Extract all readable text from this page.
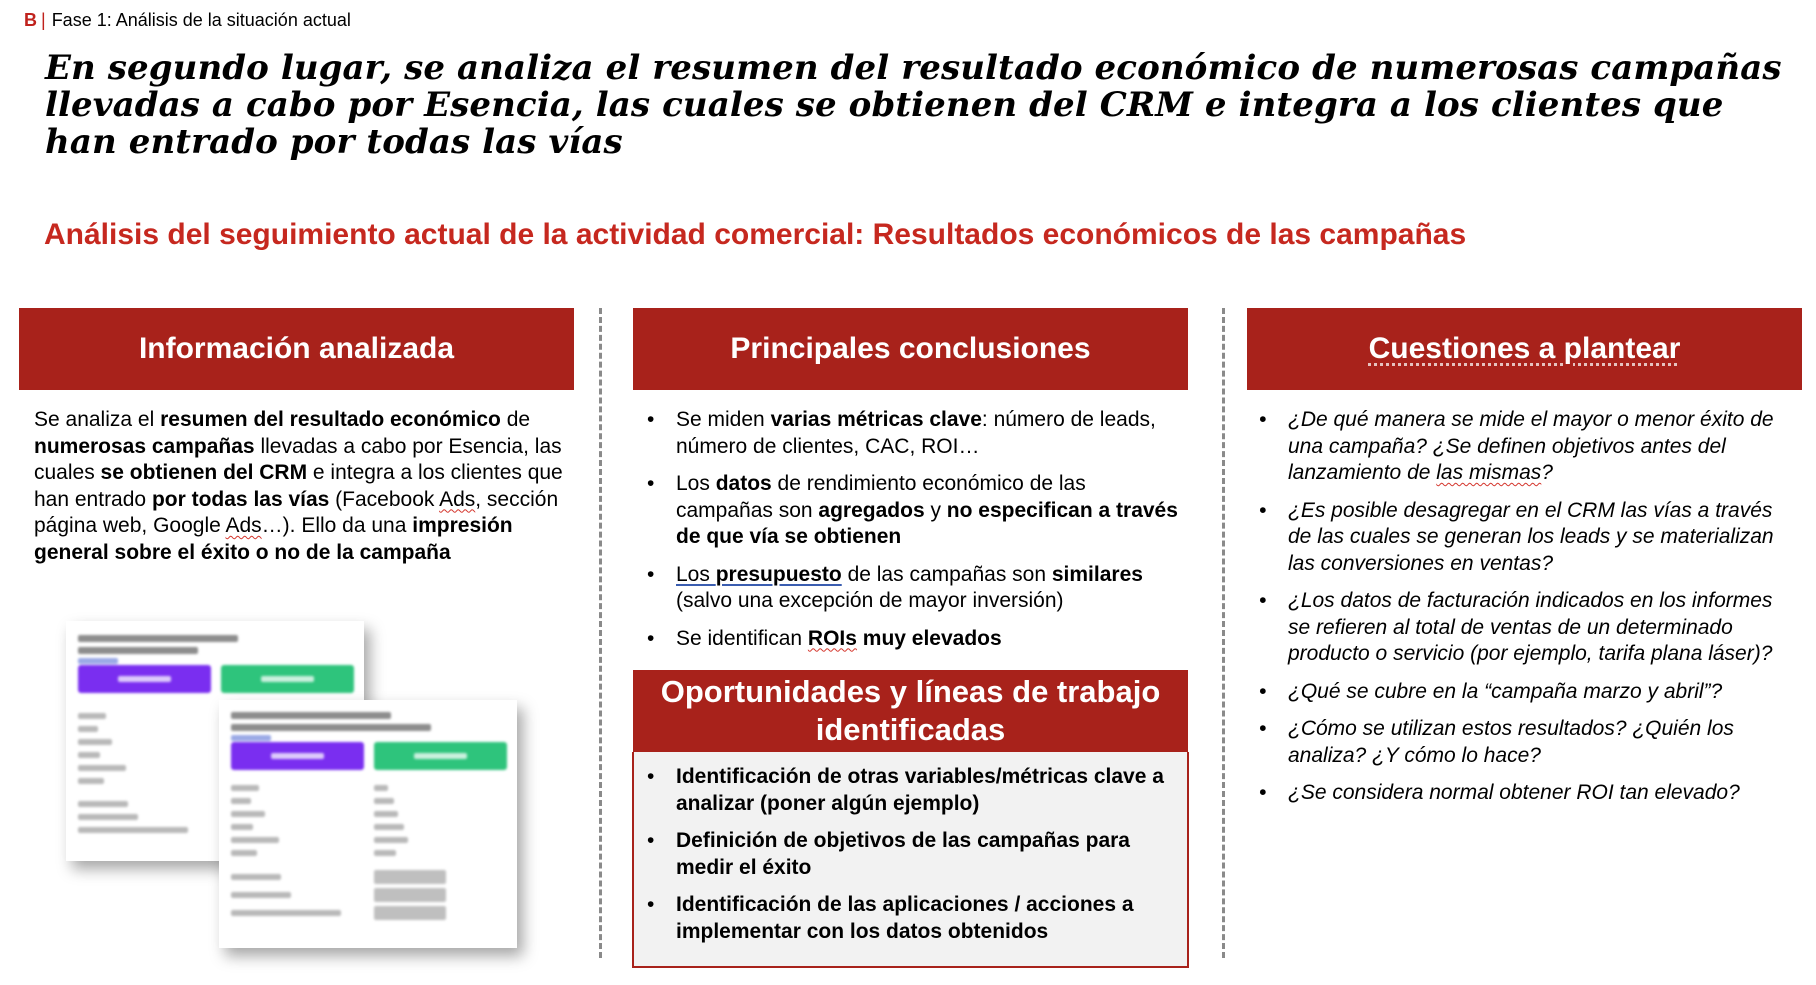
B | Fase 1: Análisis de la situación actual
En segundo lugar, se analiza el resumen del resultado económico de numerosas campañas llevadas a cabo por Esencia, las cuales se obtienen del CRM e integra a los clientes que han entrado por todas las vías
Análisis del seguimiento actual de la actividad comercial: Resultados económicos de las campañas
Información analizada	Principales conclusiones	Cuestiones a plantear
Se analiza el resumen del resultado económico de numerosas campañas llevadas a cabo por Esencia, las cuales se obtienen del CRM e integra a los clientes que han entrado por todas las vías (Facebook Ads, sección página web, Google Ads…). Ello da una impresión general sobre el éxito o no de la campaña
• Se miden varias métricas clave: número de leads, número de clientes, CAC, ROI…
• Los datos de rendimiento económico de las campañas son agregados y no especifican a través de que vía se obtienen
• Los presupuesto de las campañas son similares (salvo una excepción de mayor inversión)
• Se identifican ROIs muy elevados
Oportunidades y líneas de trabajo identificadas
• Identificación de otras variables/métricas clave a analizar (poner algún ejemplo)
• Definición de objetivos de las campañas para medir el éxito
• Identificación de las aplicaciones / acciones a implementar con los datos obtenidos
• ¿De qué manera se mide el mayor o menor éxito de una campaña? ¿Se definen objetivos antes del lanzamiento de las mismas?
• ¿Es posible desagregar en el CRM las vías a través de las cuales se generan los leads y se materializan las conversiones en ventas?
• ¿Los datos de facturación indicados en los informes se refieren al total de ventas de un determinado producto o servicio (por ejemplo, tarifa plana láser)?
• ¿Qué se cubre en la “campaña marzo y abril”?
• ¿Cómo se utilizan estos resultados? ¿Quién los analiza? ¿Y cómo lo hace?
• ¿Se considera normal obtener ROI tan elevado?
